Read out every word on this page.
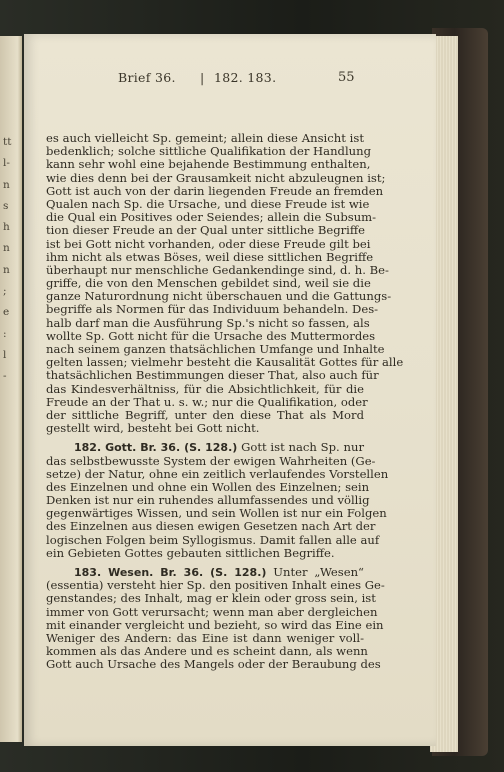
tt
l-
n
s
h
n
n
;
e
:
l
-
Brief 36. | 182. 183.	55
es auch vielleicht Sp. gemeint; allein diese Ansicht ist
bedenklich; solche sittliche Qualifikation der Handlung
kann sehr wohl eine bejahende Bestimmung enthalten,
wie dies denn bei der Grausamkeit nicht abzuleugnen ist;
Gott ist auch von der darin liegenden Freude an fremden
Qualen nach Sp. die Ursache, und diese Freude ist wie
die Qual ein Positives oder Seiendes; allein die Subsum-
tion dieser Freude an der Qual unter sittliche Begriffe
ist bei Gott nicht vorhanden, oder diese Freude gilt bei
ihm nicht als etwas Böses, weil diese sittlichen Begriffe
überhaupt nur menschliche Gedankendinge sind, d. h. Be-
griffe, die von den Menschen gebildet sind, weil sie die
ganze Naturordnung nicht überschauen und die Gattungs-
begriffe als Normen für das Individuum behandeln. Des-
halb darf man die Ausführung Sp.'s nicht so fassen, als
wollte Sp. Gott nicht für die Ursache des Muttermordes
nach seinem ganzen thatsächlichen Umfange und Inhalte
gelten lassen; vielmehr besteht die Kausalität Gottes für alle
thatsächlichen Bestimmungen dieser That, also auch für
das Kindesverhältniss, für die Absichtlichkeit, für die
Freude an der That u. s. w.; nur die Qualifikation, oder
der sittliche Begriff, unter den diese That als Mord
gestellt wird, besteht bei Gott nicht.
182. Gott. Br. 36. (S. 128.) Gott ist nach Sp. nur
das selbstbewusste System der ewigen Wahrheiten (Ge-
setze) der Natur, ohne ein zeitlich verlaufendes Vorstellen
des Einzelnen und ohne ein Wollen des Einzelnen; sein
Denken ist nur ein ruhendes allumfassendes und völlig
gegenwärtiges Wissen, und sein Wollen ist nur ein Folgen
des Einzelnen aus diesen ewigen Gesetzen nach Art der
logischen Folgen beim Syllogismus. Damit fallen alle auf
ein Gebieten Gottes gebauten sittlichen Begriffe.
183. Wesen. Br. 36. (S. 128.) Unter „Wesen“
(essentia) versteht hier Sp. den positiven Inhalt eines Ge-
genstandes; des Inhalt, mag er klein oder gross sein, ist
immer von Gott verursacht; wenn man aber dergleichen
mit einander vergleicht und bezieht, so wird das Eine ein
Weniger des Andern: das Eine ist dann weniger voll-
kommen als das Andere und es scheint dann, als wenn
Gott auch Ursache des Mangels oder der Beraubung des
